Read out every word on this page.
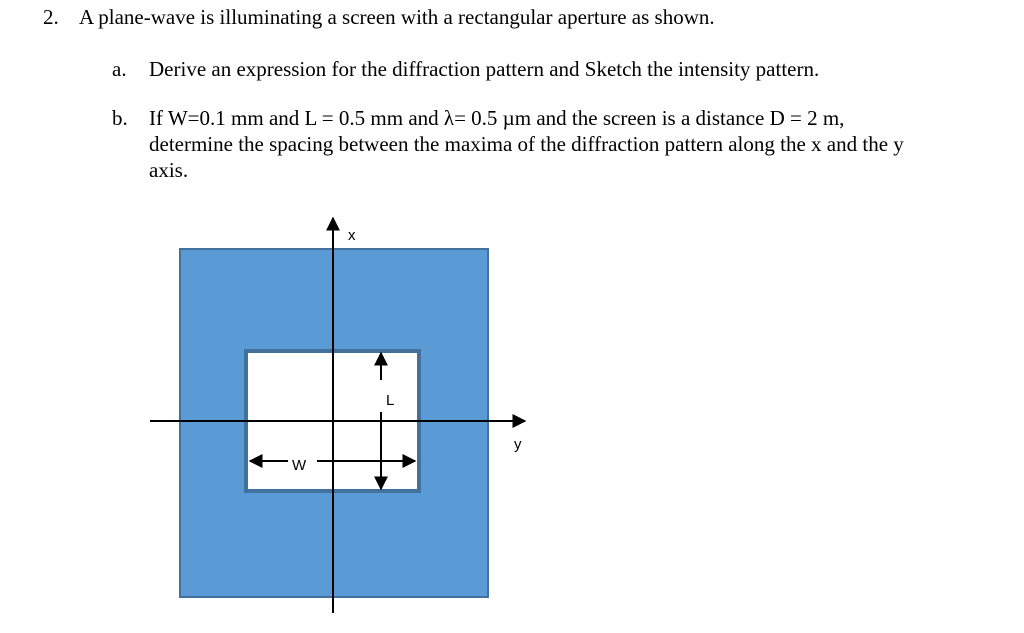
2. A plane-wave is illuminating a screen with a rectangular aperture as shown.
a. Derive an expression for the diffraction pattern and Sketch the intensity pattern.
b. If W=0.1 mm and L = 0.5 mm and λ= 0.5 µm and the screen is a distance D = 2 m,
determine the spacing between the maxima of the diffraction pattern along the x and the y
axis.
x
y
W
L
